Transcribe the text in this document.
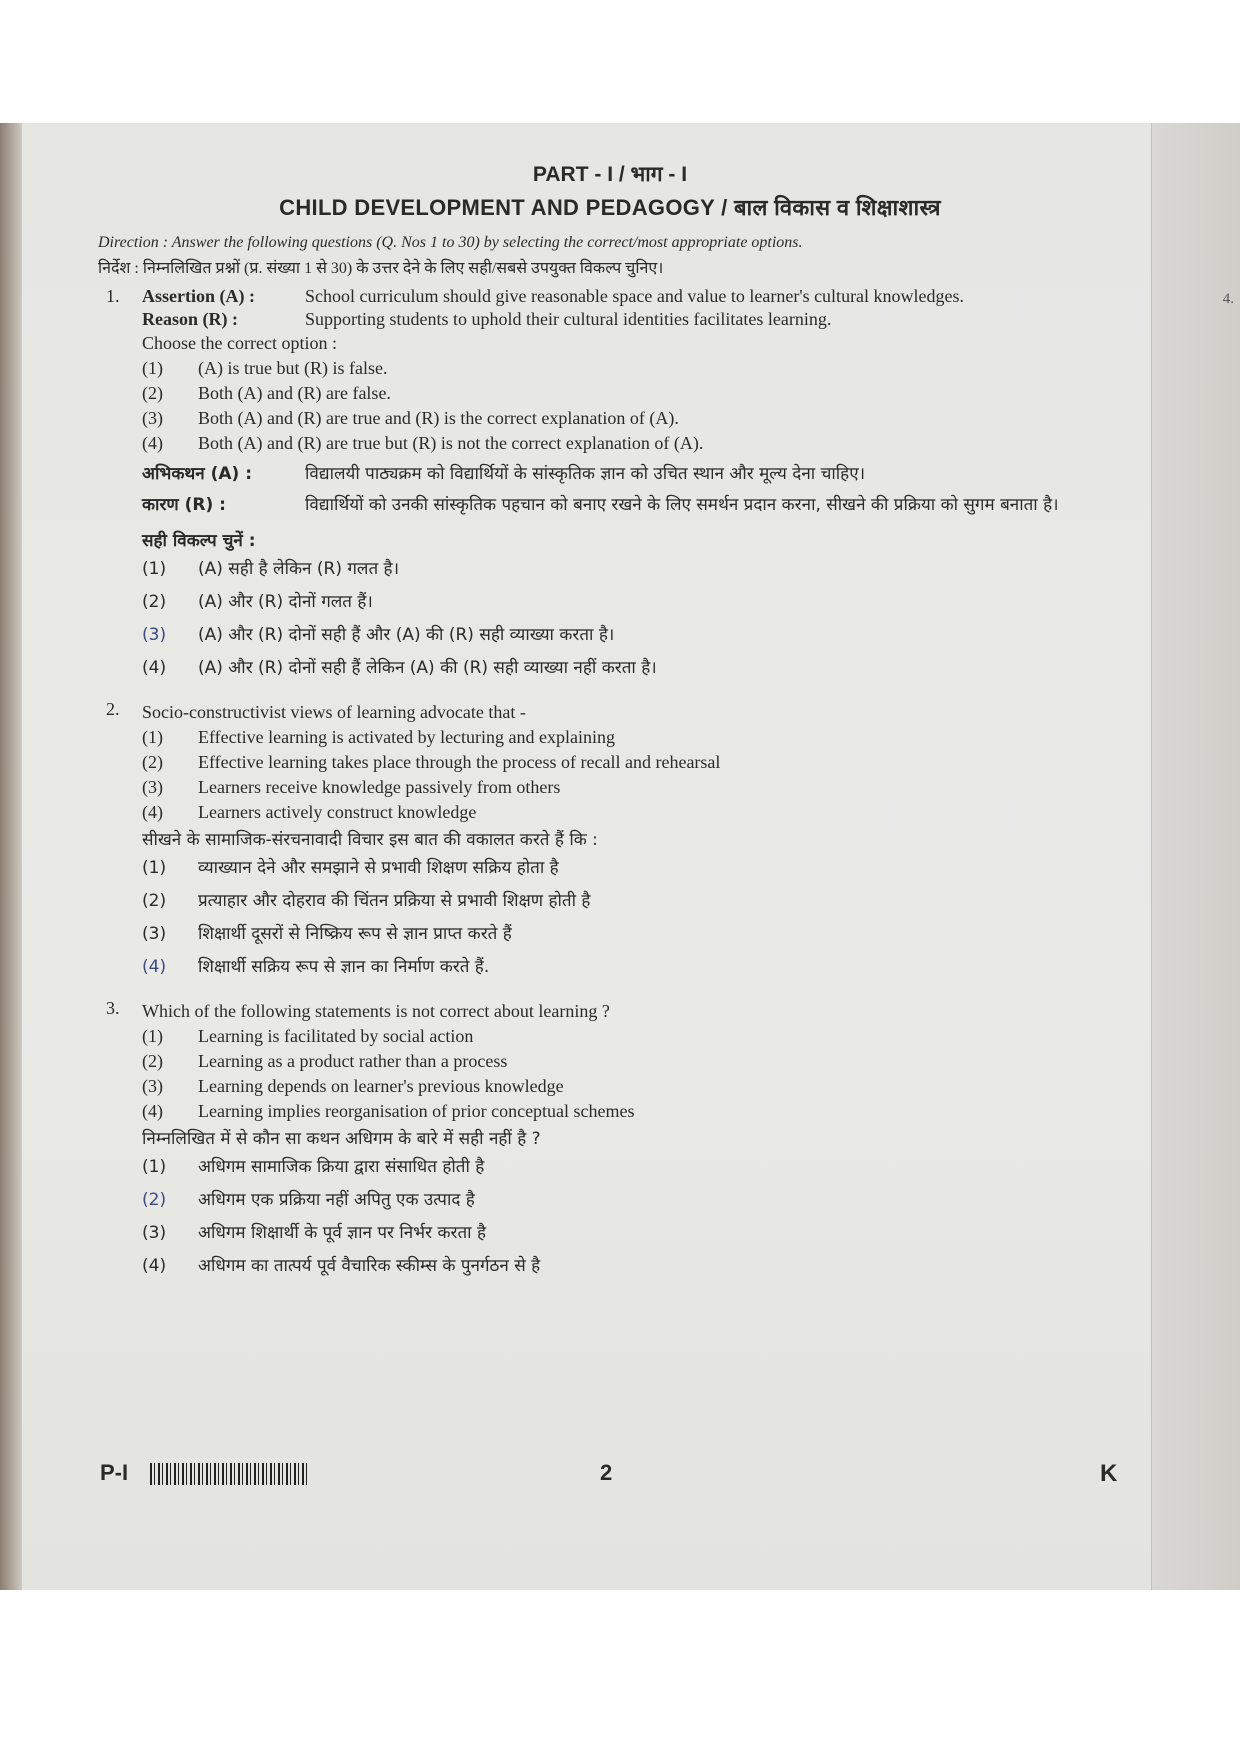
4.
PART - I / भाग - I
CHILD DEVELOPMENT AND PEDAGOGY / बाल विकास व शिक्षाशास्त्र
Direction : Answer the following questions (Q. Nos 1 to 30) by selecting the correct/most appropriate options.
निर्देश : निम्नलिखित प्रश्नों (प्र. संख्या 1 से 30) के उत्तर देने के लिए सही/सबसे उपयुक्त विकल्प चुनिए।
1.	Assertion (A) :	School curriculum should give reasonable space and value to learner's cultural knowledges.
Reason (R) :	Supporting students to uphold their cultural identities facilitates learning.
Choose the correct option :
(1)	(A) is true but (R) is false.
(2)	Both (A) and (R) are false.
(3)	Both (A) and (R) are true and (R) is the correct explanation of (A).
(4)	Both (A) and (R) are true but (R) is not the correct explanation of (A).
अभिकथन (A) :	विद्यालयी पाठ्यक्रम को विद्यार्थियों के सांस्कृतिक ज्ञान को उचित स्थान और मूल्य देना चाहिए।
कारण (R) :	विद्यार्थियों को उनकी सांस्कृतिक पहचान को बनाए रखने के लिए समर्थन प्रदान करना, सीखने की प्रक्रिया को सुगम बनाता है।
सही विकल्प चुनें :
(1)	(A) सही है लेकिन (R) गलत है।
(2)	(A) और (R) दोनों गलत हैं।
(3)	(A) और (R) दोनों सही हैं और (A) की (R) सही व्याख्या करता है।
(4)	(A) और (R) दोनों सही हैं लेकिन (A) की (R) सही व्याख्या नहीं करता है।
2.	Socio-constructivist views of learning advocate that -
(1)	Effective learning is activated by lecturing and explaining
(2)	Effective learning takes place through the process of recall and rehearsal
(3)	Learners receive knowledge passively from others
(4)	Learners actively construct knowledge
सीखने के सामाजिक-संरचनावादी विचार इस बात की वकालत करते हैं कि :
(1)	व्याख्यान देने और समझाने से प्रभावी शिक्षण सक्रिय होता है
(2)	प्रत्याहार और दोहराव की चिंतन प्रक्रिया से प्रभावी शिक्षण होती है
(3)	शिक्षार्थी दूसरों से निष्क्रिय रूप से ज्ञान प्राप्त करते हैं
(4)	शिक्षार्थी सक्रिय रूप से ज्ञान का निर्माण करते हैं.
3.	Which of the following statements is not correct about learning ?
(1)	Learning is facilitated by social action
(2)	Learning as a product rather than a process
(3)	Learning depends on learner's previous knowledge
(4)	Learning implies reorganisation of prior conceptual schemes
निम्नलिखित में से कौन सा कथन अधिगम के बारे में सही नहीं है ?
(1)	अधिगम सामाजिक क्रिया द्वारा संसाधित होती है
(2)	अधिगम एक प्रक्रिया नहीं अपितु एक उत्पाद है
(3)	अधिगम शिक्षार्थी के पूर्व ज्ञान पर निर्भर करता है
(4)	अधिगम का तात्पर्य पूर्व वैचारिक स्कीम्स के पुनर्गठन से है
P-I	2	K
